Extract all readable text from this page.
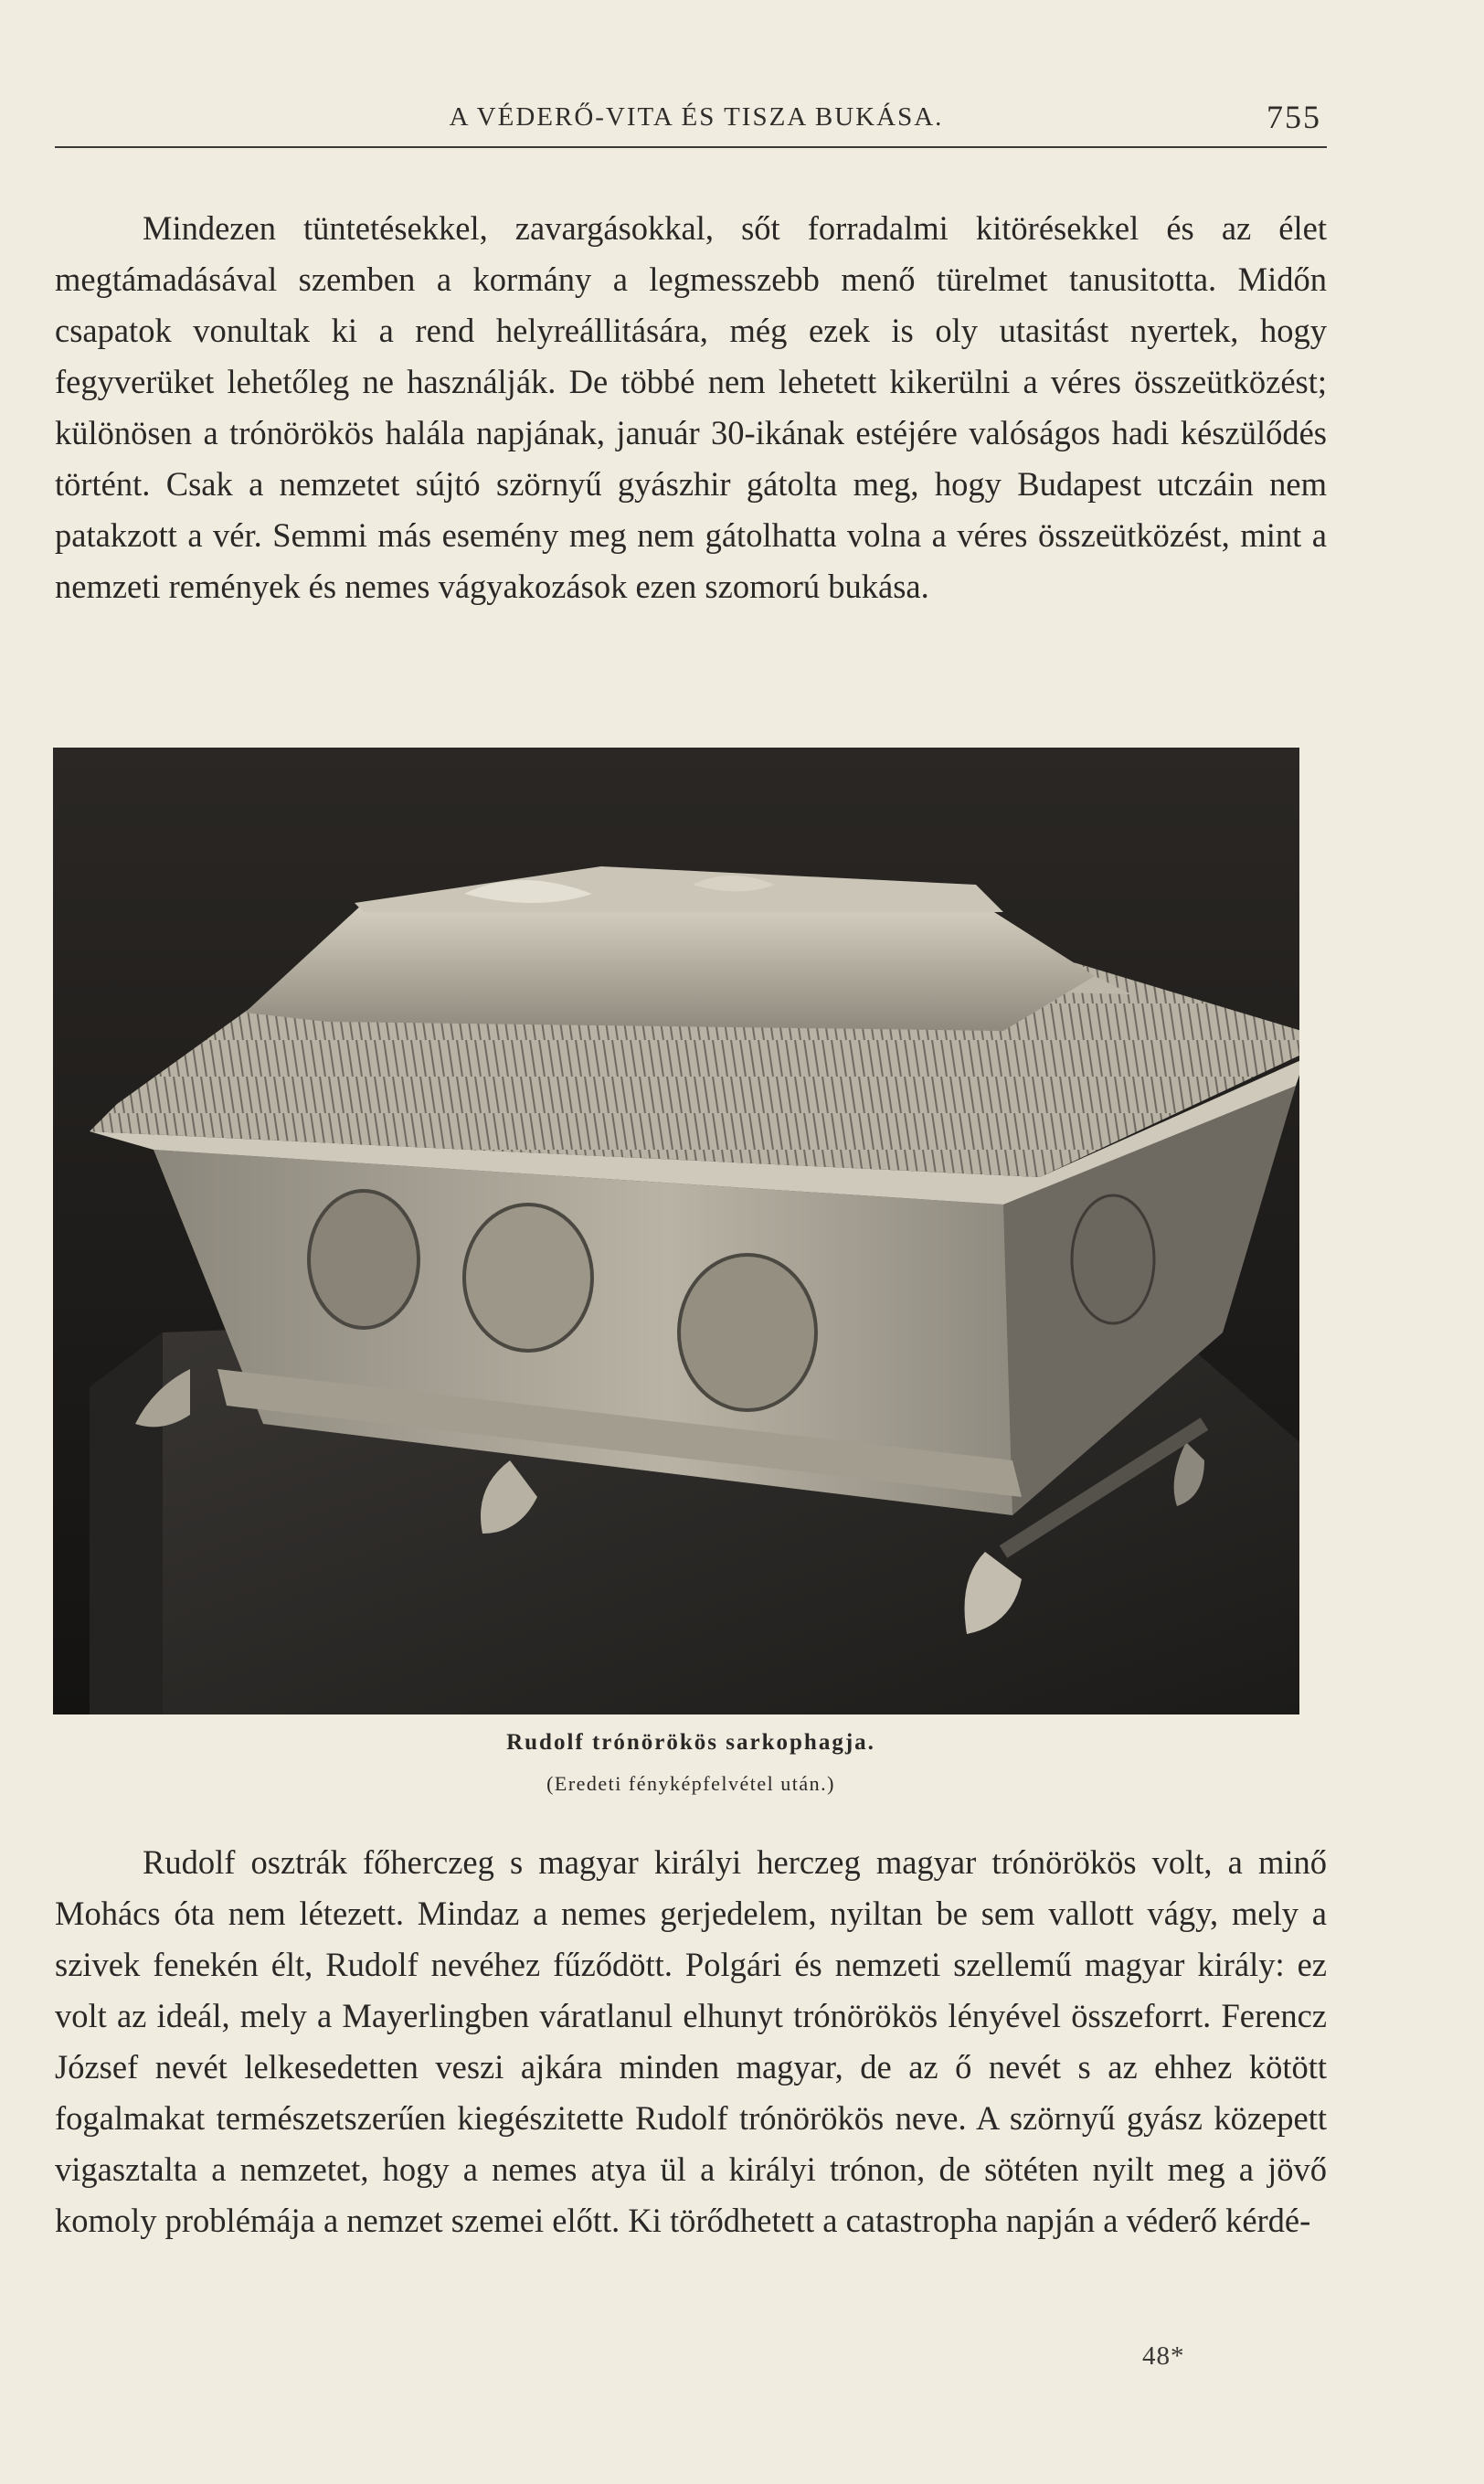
A VÉDERŐ-VITA ÉS TISZA BUKÁSA.	755

Mindezen tüntetésekkel, zavargásokkal, sőt forradalmi kitörésekkel és az élet megtámadásával szemben a kormány a legmesszebb menő türelmet tanusitotta. Midőn csapatok vonultak ki a rend helyreállitására, még ezek is oly utasitást nyertek, hogy fegyverüket lehetőleg ne használják. De többé nem lehetett kikerülni a véres összeütközést; különösen a trónörökös halála napjának, január 30-ikának estéjére valóságos hadi készülődés történt. Csak a nemzetet sújtó szörnyű gyászhir gátolta meg, hogy Budapest utczáin nem patakzott a vér. Semmi más esemény meg nem gátolhatta volna a véres összeütközést, mint a nemzeti remények és nemes vágyakozások ezen szomorú bukása.

Rudolf trónörökös sarkophagja.
(Eredeti fényképfelvétel után.)

Rudolf osztrák főherczeg s magyar királyi herczeg magyar trónörökös volt, a minő Mohács óta nem létezett. Mindaz a nemes gerjedelem, nyiltan be sem vallott vágy, mely a szivek fenekén élt, Rudolf nevéhez fűződött. Polgári és nemzeti szellemű magyar király: ez volt az ideál, mely a Mayerlingben váratlanul elhunyt trónörökös lényével összeforrt. Ferencz József nevét lelkesedetten veszi ajkára minden magyar, de az ő nevét s az ehhez kötött fogalmakat természetszerűen kiegészitette Rudolf trónörökös neve. A szörnyű gyász közepett vigasztalta a nemzetet, hogy a nemes atya ül a királyi trónon, de sötéten nyilt meg a jövő komoly problémája a nemzet szemei előtt. Ki törődhetett a catastropha napján a véderő kérdé-

48*
